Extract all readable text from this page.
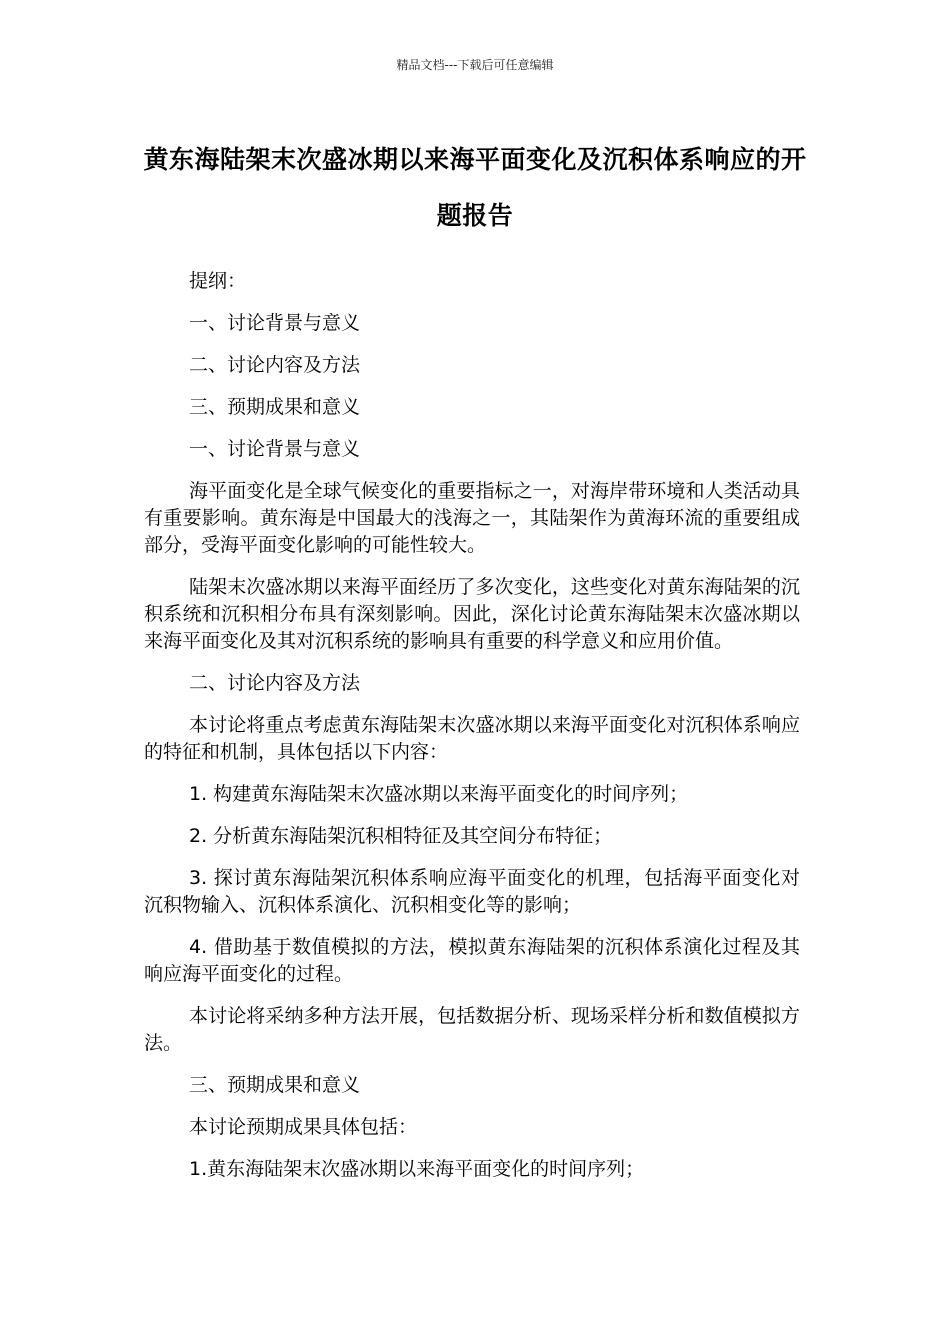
精品文档---下载后可任意编辑
黄东海陆架末次盛冰期以来海平面变化及沉积体系响应的开题报告

提纲：

一、讨论背景与意义

二、讨论内容及方法

三、预期成果和意义

一、讨论背景与意义

海平面变化是全球气候变化的重要指标之一，对海岸带环境和人类活动具有重要影响。黄东海是中国最大的浅海之一，其陆架作为黄海环流的重要组成部分，受海平面变化影响的可能性较大。

陆架末次盛冰期以来海平面经历了多次变化，这些变化对黄东海陆架的沉积系统和沉积相分布具有深刻影响。因此，深化讨论黄东海陆架末次盛冰期以来海平面变化及其对沉积系统的影响具有重要的科学意义和应用价值。

二、讨论内容及方法

本讨论将重点考虑黄东海陆架末次盛冰期以来海平面变化对沉积体系响应的特征和机制，具体包括以下内容：

1. 构建黄东海陆架末次盛冰期以来海平面变化的时间序列；

2. 分析黄东海陆架沉积相特征及其空间分布特征；

3. 探讨黄东海陆架沉积体系响应海平面变化的机理，包括海平面变化对沉积物输入、沉积体系演化、沉积相变化等的影响；

4. 借助基于数值模拟的方法，模拟黄东海陆架的沉积体系演化过程及其响应海平面变化的过程。

本讨论将采纳多种方法开展，包括数据分析、现场采样分析和数值模拟方法。

三、预期成果和意义

本讨论预期成果具体包括：

1.黄东海陆架末次盛冰期以来海平面变化的时间序列；
